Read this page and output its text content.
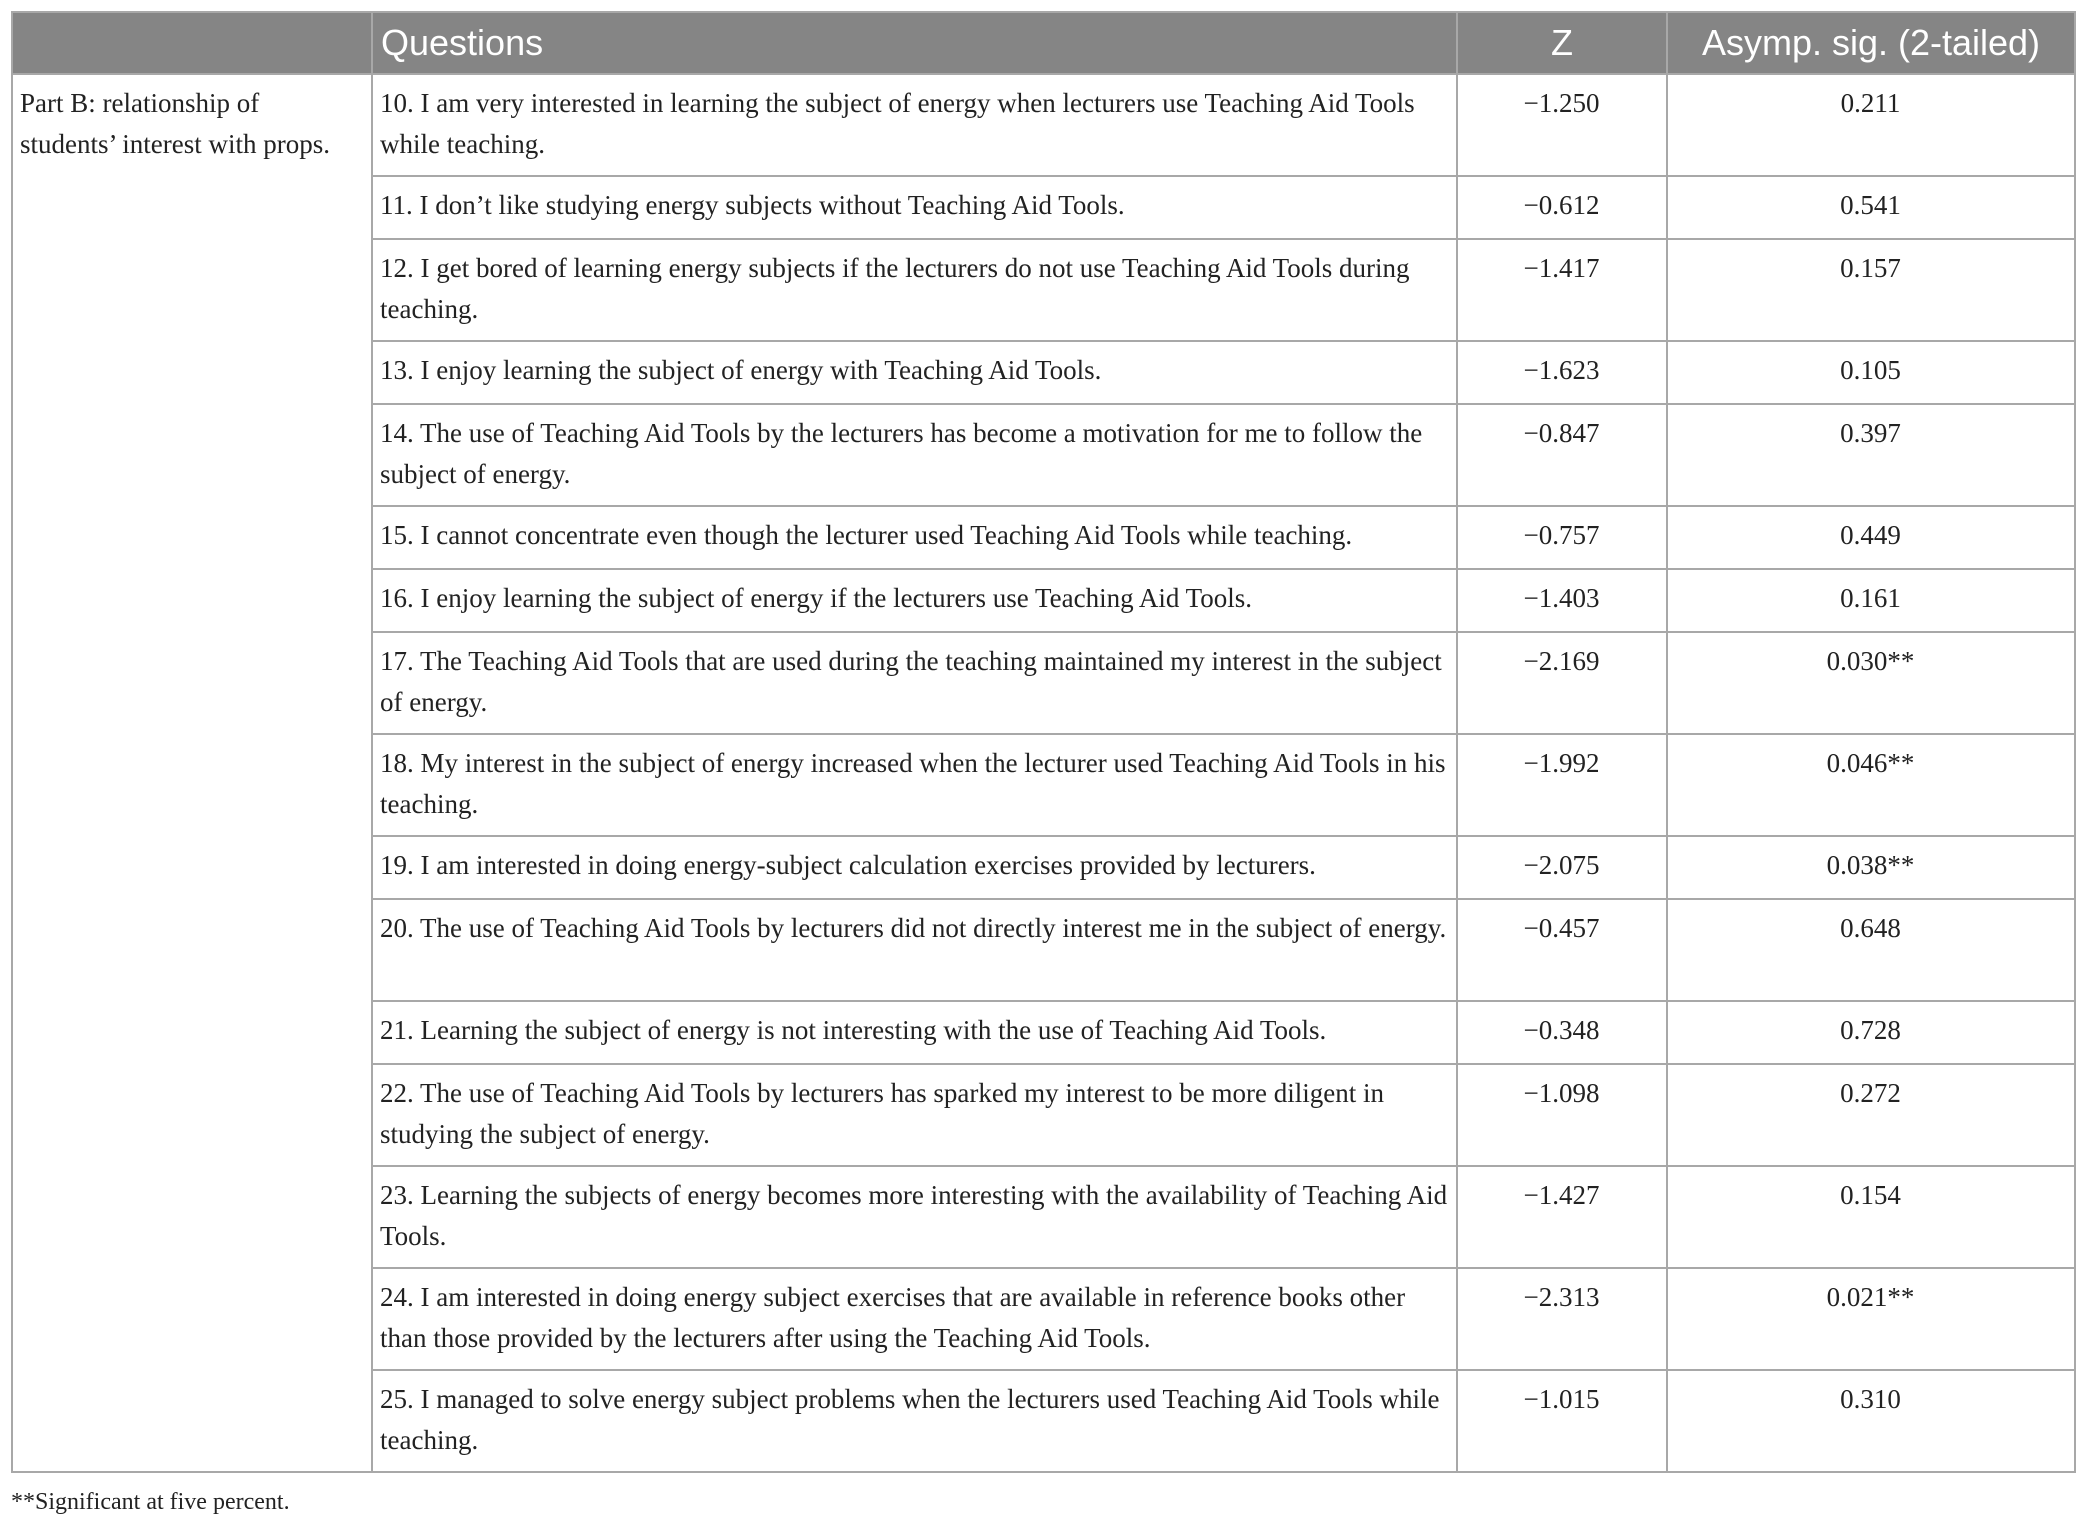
	Questions	Z	Asymp. sig. (2-tailed)
Part B: relationship of students’ interest with props.	10. I am very interested in learning the subject of energy when lecturers use Teaching Aid Tools while teaching.	−1.250	0.211
	11. I don’t like studying energy subjects without Teaching Aid Tools.	−0.612	0.541
	12. I get bored of learning energy subjects if the lecturers do not use Teaching Aid Tools during teaching.	−1.417	0.157
	13. I enjoy learning the subject of energy with Teaching Aid Tools.	−1.623	0.105
	14. The use of Teaching Aid Tools by the lecturers has become a motivation for me to follow the subject of energy.	−0.847	0.397
	15. I cannot concentrate even though the lecturer used Teaching Aid Tools while teaching.	−0.757	0.449
	16. I enjoy learning the subject of energy if the lecturers use Teaching Aid Tools.	−1.403	0.161
	17. The Teaching Aid Tools that are used during the teaching maintained my interest in the subject of energy.	−2.169	0.030**
	18. My interest in the subject of energy increased when the lecturer used Teaching Aid Tools in his teaching.	−1.992	0.046**
	19. I am interested in doing energy-subject calculation exercises provided by lecturers.	−2.075	0.038**
	20. The use of Teaching Aid Tools by lecturers did not directly interest me in the subject of energy.	−0.457	0.648
	21. Learning the subject of energy is not interesting with the use of Teaching Aid Tools.	−0.348	0.728
	22. The use of Teaching Aid Tools by lecturers has sparked my interest to be more diligent in studying the subject of energy.	−1.098	0.272
	23. Learning the subjects of energy becomes more interesting with the availability of Teaching Aid Tools.	−1.427	0.154
	24. I am interested in doing energy subject exercises that are available in reference books other than those provided by the lecturers after using the Teaching Aid Tools.	−2.313	0.021**
	25. I managed to solve energy subject problems when the lecturers used Teaching Aid Tools while teaching.	−1.015	0.310
**Significant at five percent.
